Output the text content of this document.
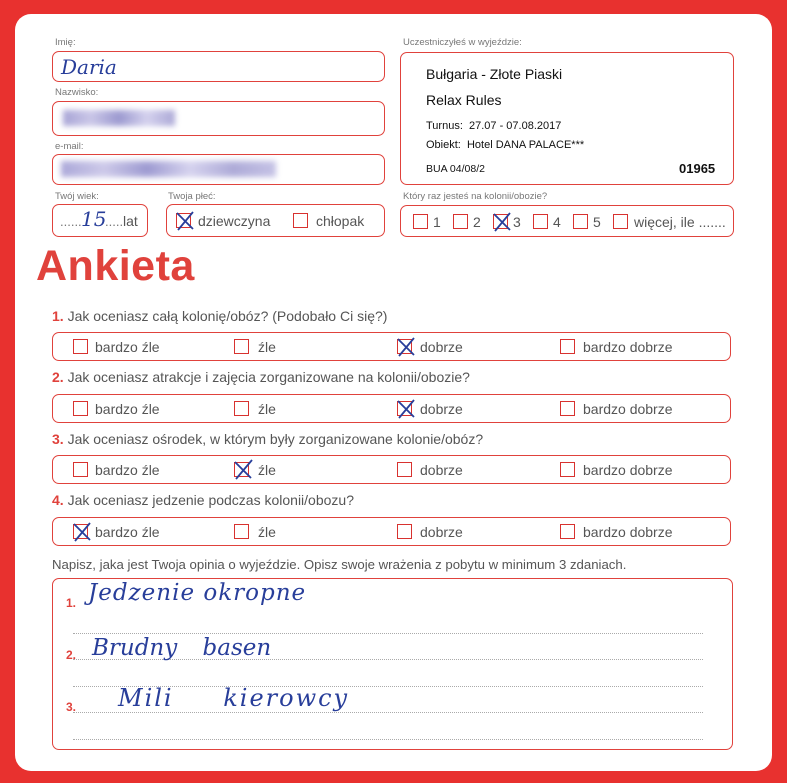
Imię:
Daria
Nazwisko:
e-mail:
Twój wiek:
...... 15
..... lat
Twoja płeć:
dziewczyna	chłopak
Uczestniczyłeś w wyjeździe:
Bułgaria - Złote Piaski
Relax Rules
Turnus:  27.07 - 07.08.2017
Obiekt:  Hotel DANA PALACE***
BUA 04/08/2	01965
Który raz jesteś na kolonii/obozie?
1 2 3 4 5 więcej, ile .......
Ankieta
1. Jak oceniasz całą kolonię/obóz? (Podobało Ci się?)
bardzo źle	źle	dobrze	bardzo dobrze
2. Jak oceniasz atrakcje i zajęcia zorganizowane na kolonii/obozie?
bardzo źle	źle	dobrze	bardzo dobrze
3. Jak oceniasz ośrodek, w którym były zorganizowane kolonie/obóz?
bardzo źle	źle	dobrze	bardzo dobrze
4. Jak oceniasz jedzenie podczas kolonii/obozu?
bardzo źle	źle	dobrze	bardzo dobrze
Napisz, jaka jest Twoja opinia o wyjeździe. Opisz swoje wrażenia z pobytu w minimum 3 zdaniach.
1. Jedzenie okropne
2. Brudny basen
3. Mili kierowcy
